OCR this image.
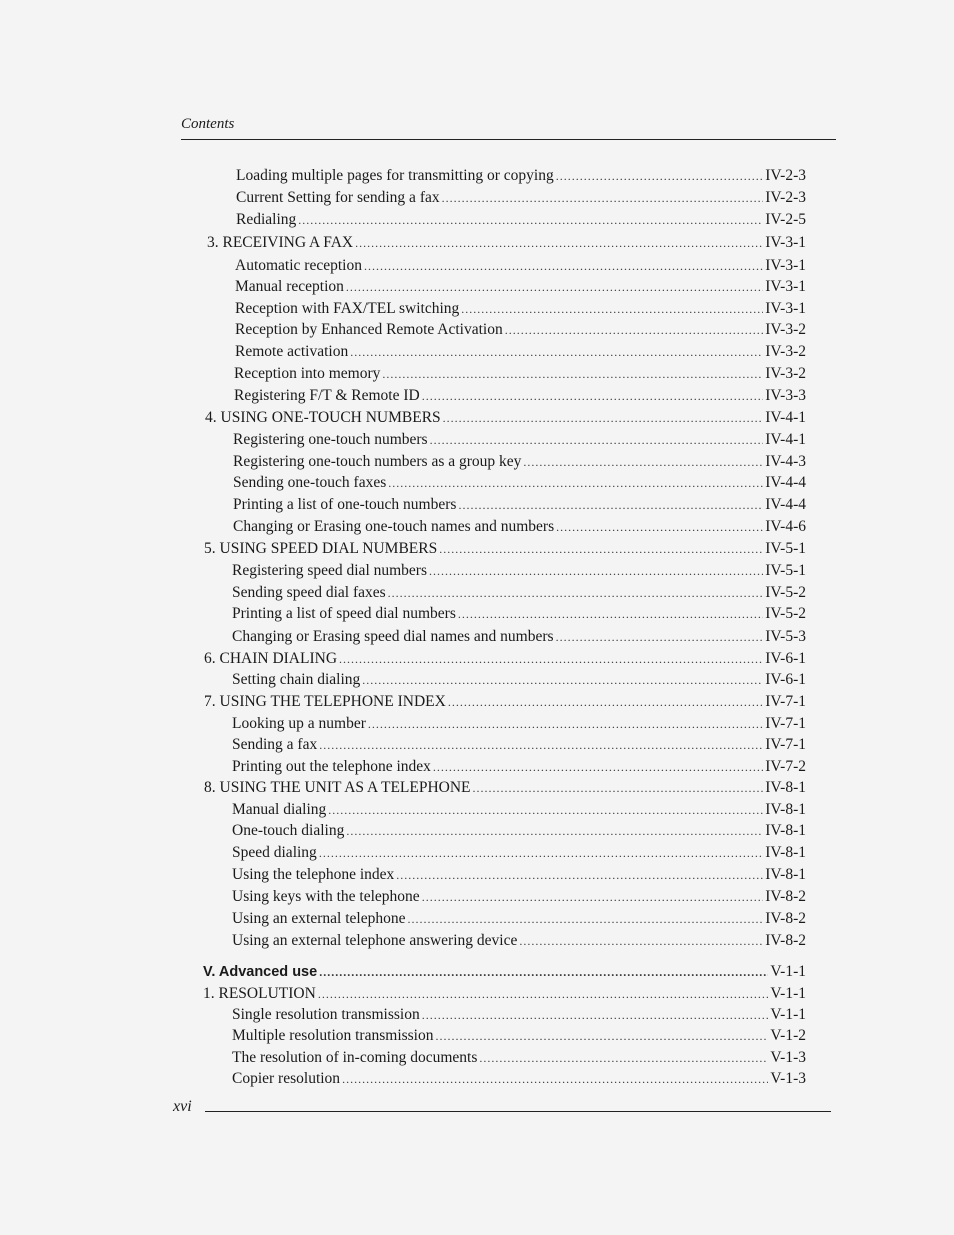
Contents
Loading multiple pages for transmitting or copying .....	IV-2-3
Current Setting for sending a fax .....	IV-2-3
Redialing .....	IV-2-5
3. RECEIVING A FAX .....	IV-3-1
Automatic reception .....	IV-3-1
Manual reception .....	IV-3-1
Reception with FAX/TEL switching .....	IV-3-1
Reception by Enhanced Remote Activation .....	IV-3-2
Remote activation .....	IV-3-2
Reception into memory .....	IV-3-2
Registering F/T & Remote ID .....	IV-3-3
4. USING ONE-TOUCH NUMBERS .....	IV-4-1
Registering one-touch numbers .....	IV-4-1
Registering one-touch numbers as a group key .....	IV-4-3
Sending one-touch faxes .....	IV-4-4
Printing a list of one-touch numbers .....	IV-4-4
Changing or Erasing one-touch names and numbers .....	IV-4-6
5. USING SPEED DIAL NUMBERS .....	IV-5-1
Registering speed dial numbers .....	IV-5-1
Sending speed dial faxes .....	IV-5-2
Printing a list of speed dial numbers .....	IV-5-2
Changing or Erasing speed dial names and numbers .....	IV-5-3
6. CHAIN DIALING .....	IV-6-1
Setting chain dialing .....	IV-6-1
7. USING THE TELEPHONE INDEX .....	IV-7-1
Looking up a number .....	IV-7-1
Sending a fax .....	IV-7-1
Printing out the telephone index .....	IV-7-2
8. USING THE UNIT AS A TELEPHONE .....	IV-8-1
Manual dialing .....	IV-8-1
One-touch dialing .....	IV-8-1
Speed dialing .....	IV-8-1
Using the telephone index .....	IV-8-1
Using keys with the telephone .....	IV-8-2
Using an external telephone .....	IV-8-2
Using an external telephone answering device .....	IV-8-2
V. Advanced use .....	V-1-1
1. RESOLUTION .....	V-1-1
Single resolution transmission .....	V-1-1
Multiple resolution transmission .....	V-1-2
The resolution of in-coming documents .....	V-1-3
Copier resolution .....	V-1-3
xvi
